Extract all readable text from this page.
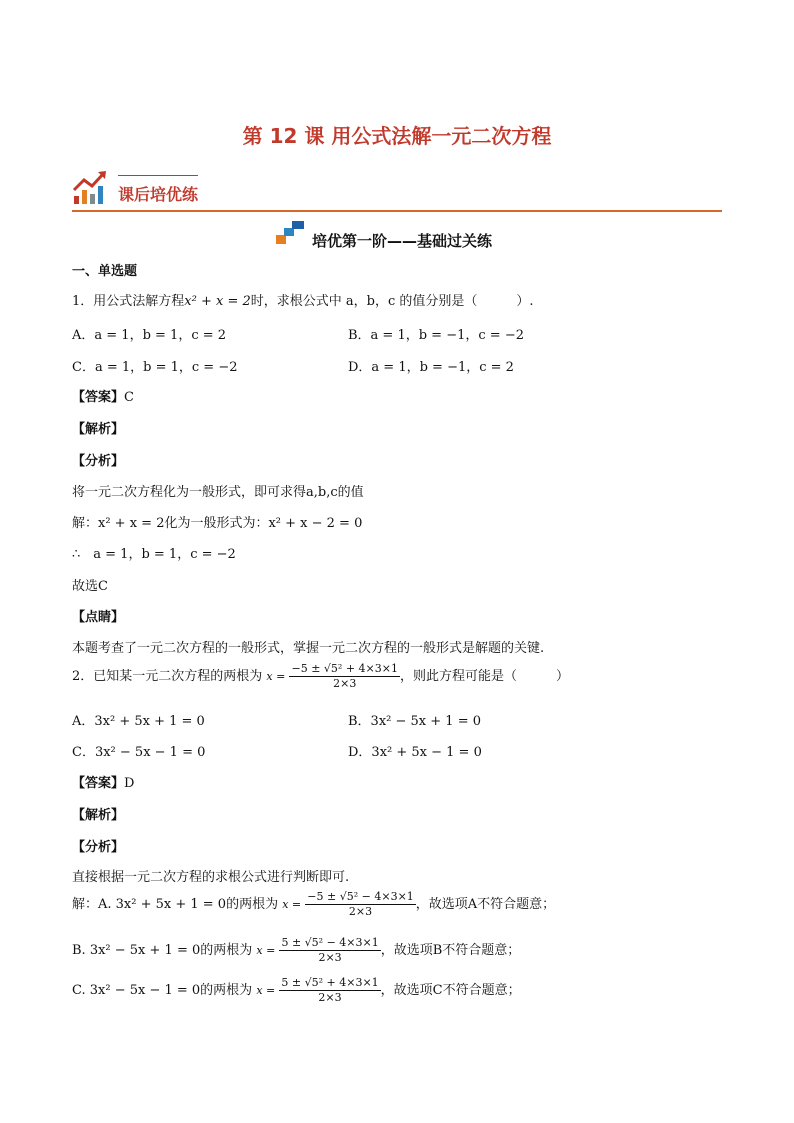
第 12 课 用公式法解一元二次方程
课后培优练
培优第一阶——基础过关练
一、单选题
1．用公式法解方程x² + x = 2时，求根公式中 a，b，c 的值分别是（　　　）.
A．a = 1，b = 1，c = 2	B．a = 1，b = −1，c = −2
C．a = 1，b = 1，c = −2	D．a = 1，b = −1，c = 2
【答案】C
【解析】
【分析】
将一元二次方程化为一般形式，即可求得a,b,c的值
解：x² + x = 2化为一般形式为：x² + x − 2 = 0
∴　a = 1，b = 1，c = −2
故选C
【点睛】
本题考查了一元二次方程的一般形式，掌握一元二次方程的一般形式是解题的关键.
2．已知某一元二次方程的两根为 $x = \frac{\text{−5 ± √5² + 4×3×1}}{2\times 3}$ ，则此方程可能是（　　　）
A．3x² + 5x + 1 = 0	B．3x² − 5x + 1 = 0
C．3x² − 5x − 1 = 0	D．3x² + 5x − 1 = 0
【答案】D
【解析】
【分析】
直接根据一元二次方程的求根公式进行判断即可.
解：A. 3x² + 5x + 1 = 0的两根为 $x = \frac{\text{−5 ± √5² − 4×3×1}}{2\times 3}$ ，故选项A不符合题意；
B. 3x² − 5x + 1 = 0的两根为 $x = \frac{\text{5 ± √5² − 4×3×1}}{2\times 3}$ ，故选项B不符合题意；
C. 3x² − 5x − 1 = 0的两根为 $x = \frac{\text{5 ± √5² + 4×3×1}}{2\times 3}$ ，故选项C不符合题意；
